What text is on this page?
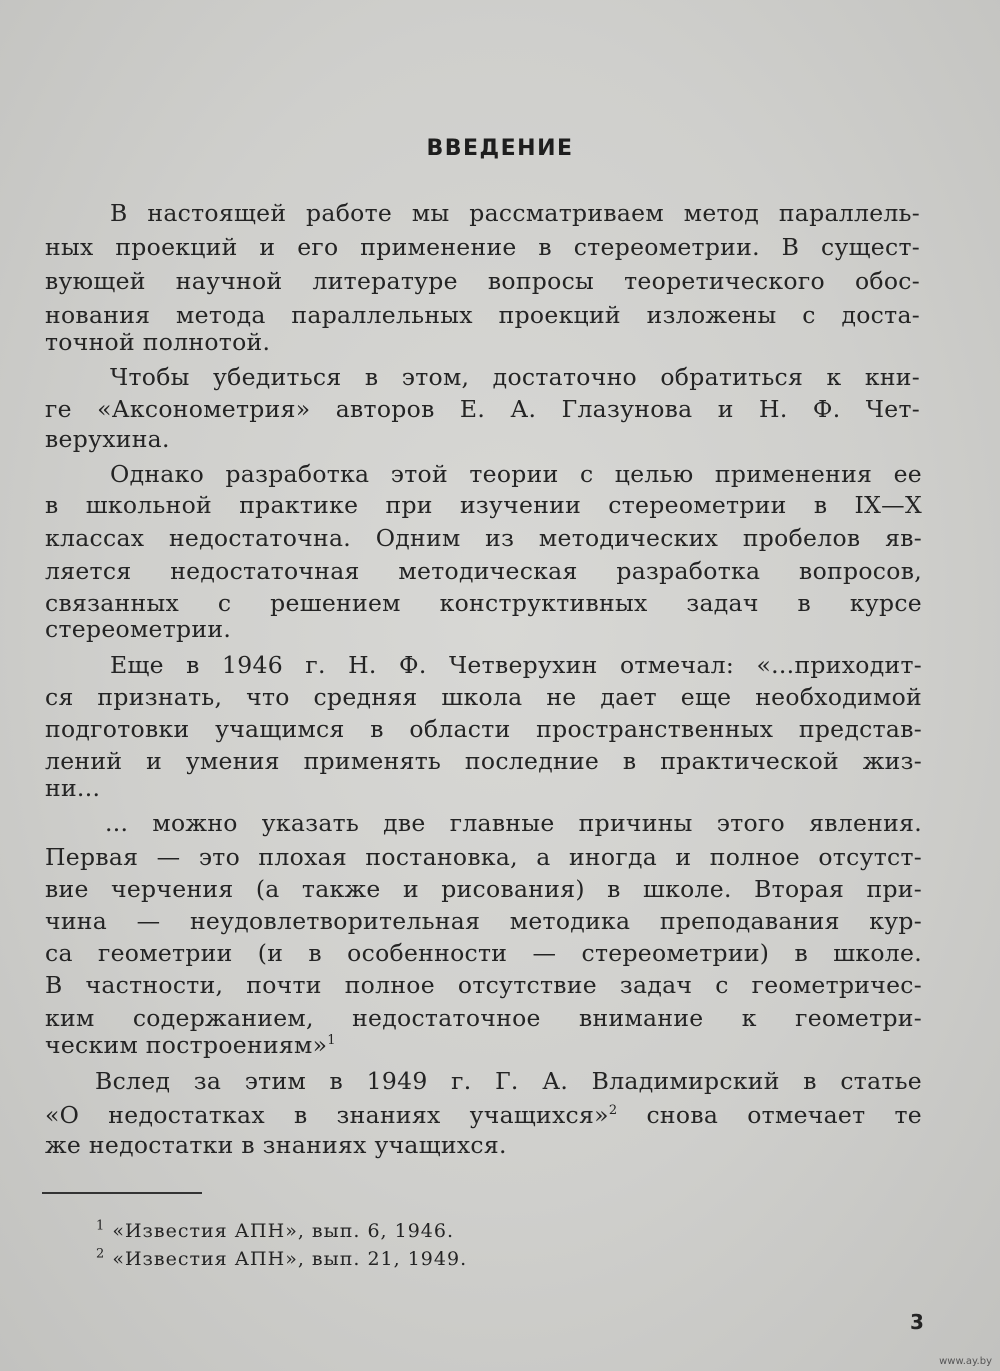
ВВЕДЕНИЕ
В настоящей работе мы рассматриваем метод параллель-
ных проекций и его применение в стереометрии. В сущест-
вующей научной литературе вопросы теоретического обос-
нования метода параллельных проекций изложены с доста-
точной полнотой.
Чтобы убедиться в этом, достаточно обратиться к кни-
ге «Аксонометрия» авторов Е. А. Глазунова и Н. Ф. Чет-
верухина.
Однако разработка этой теории с целью применения ее
в школьной практике при изучении стереометрии в IX—X
классах недостаточна. Одним из методических пробелов яв-
ляется недостаточная методическая разработка вопросов,
связанных с решением конструктивных задач в курсе
стереометрии.
Еще в 1946 г. Н. Ф. Четверухин отмечал: «...приходит-
ся признать, что средняя школа не дает еще необходимой
подготовки учащимся в области пространственных представ-
лений и умения применять последние в практической жиз-
ни...
... можно указать две главные причины этого явления.
Первая — это плохая постановка, а иногда и полное отсутст-
вие черчения (а также и рисования) в школе. Вторая при-
чина — неудовлетворительная методика преподавания кур-
са геометрии (и в особенности — стереометрии) в школе.
В частности, почти полное отсутствие задач с геометричес-
ким содержанием, недостаточное внимание к геометри-
ческим построениям»$^1$
Вслед за этим в 1949 г. Г. А. Владимирский в статье
«О недостатках в знаниях учащихся»$^2$ снова отмечает те
же недостатки в знаниях учащихся.
$^1$ «Известия АПН», вып. 6, 1946.
$^2$ «Известия АПН», вып. 21, 1949.
3
www.ay.by
